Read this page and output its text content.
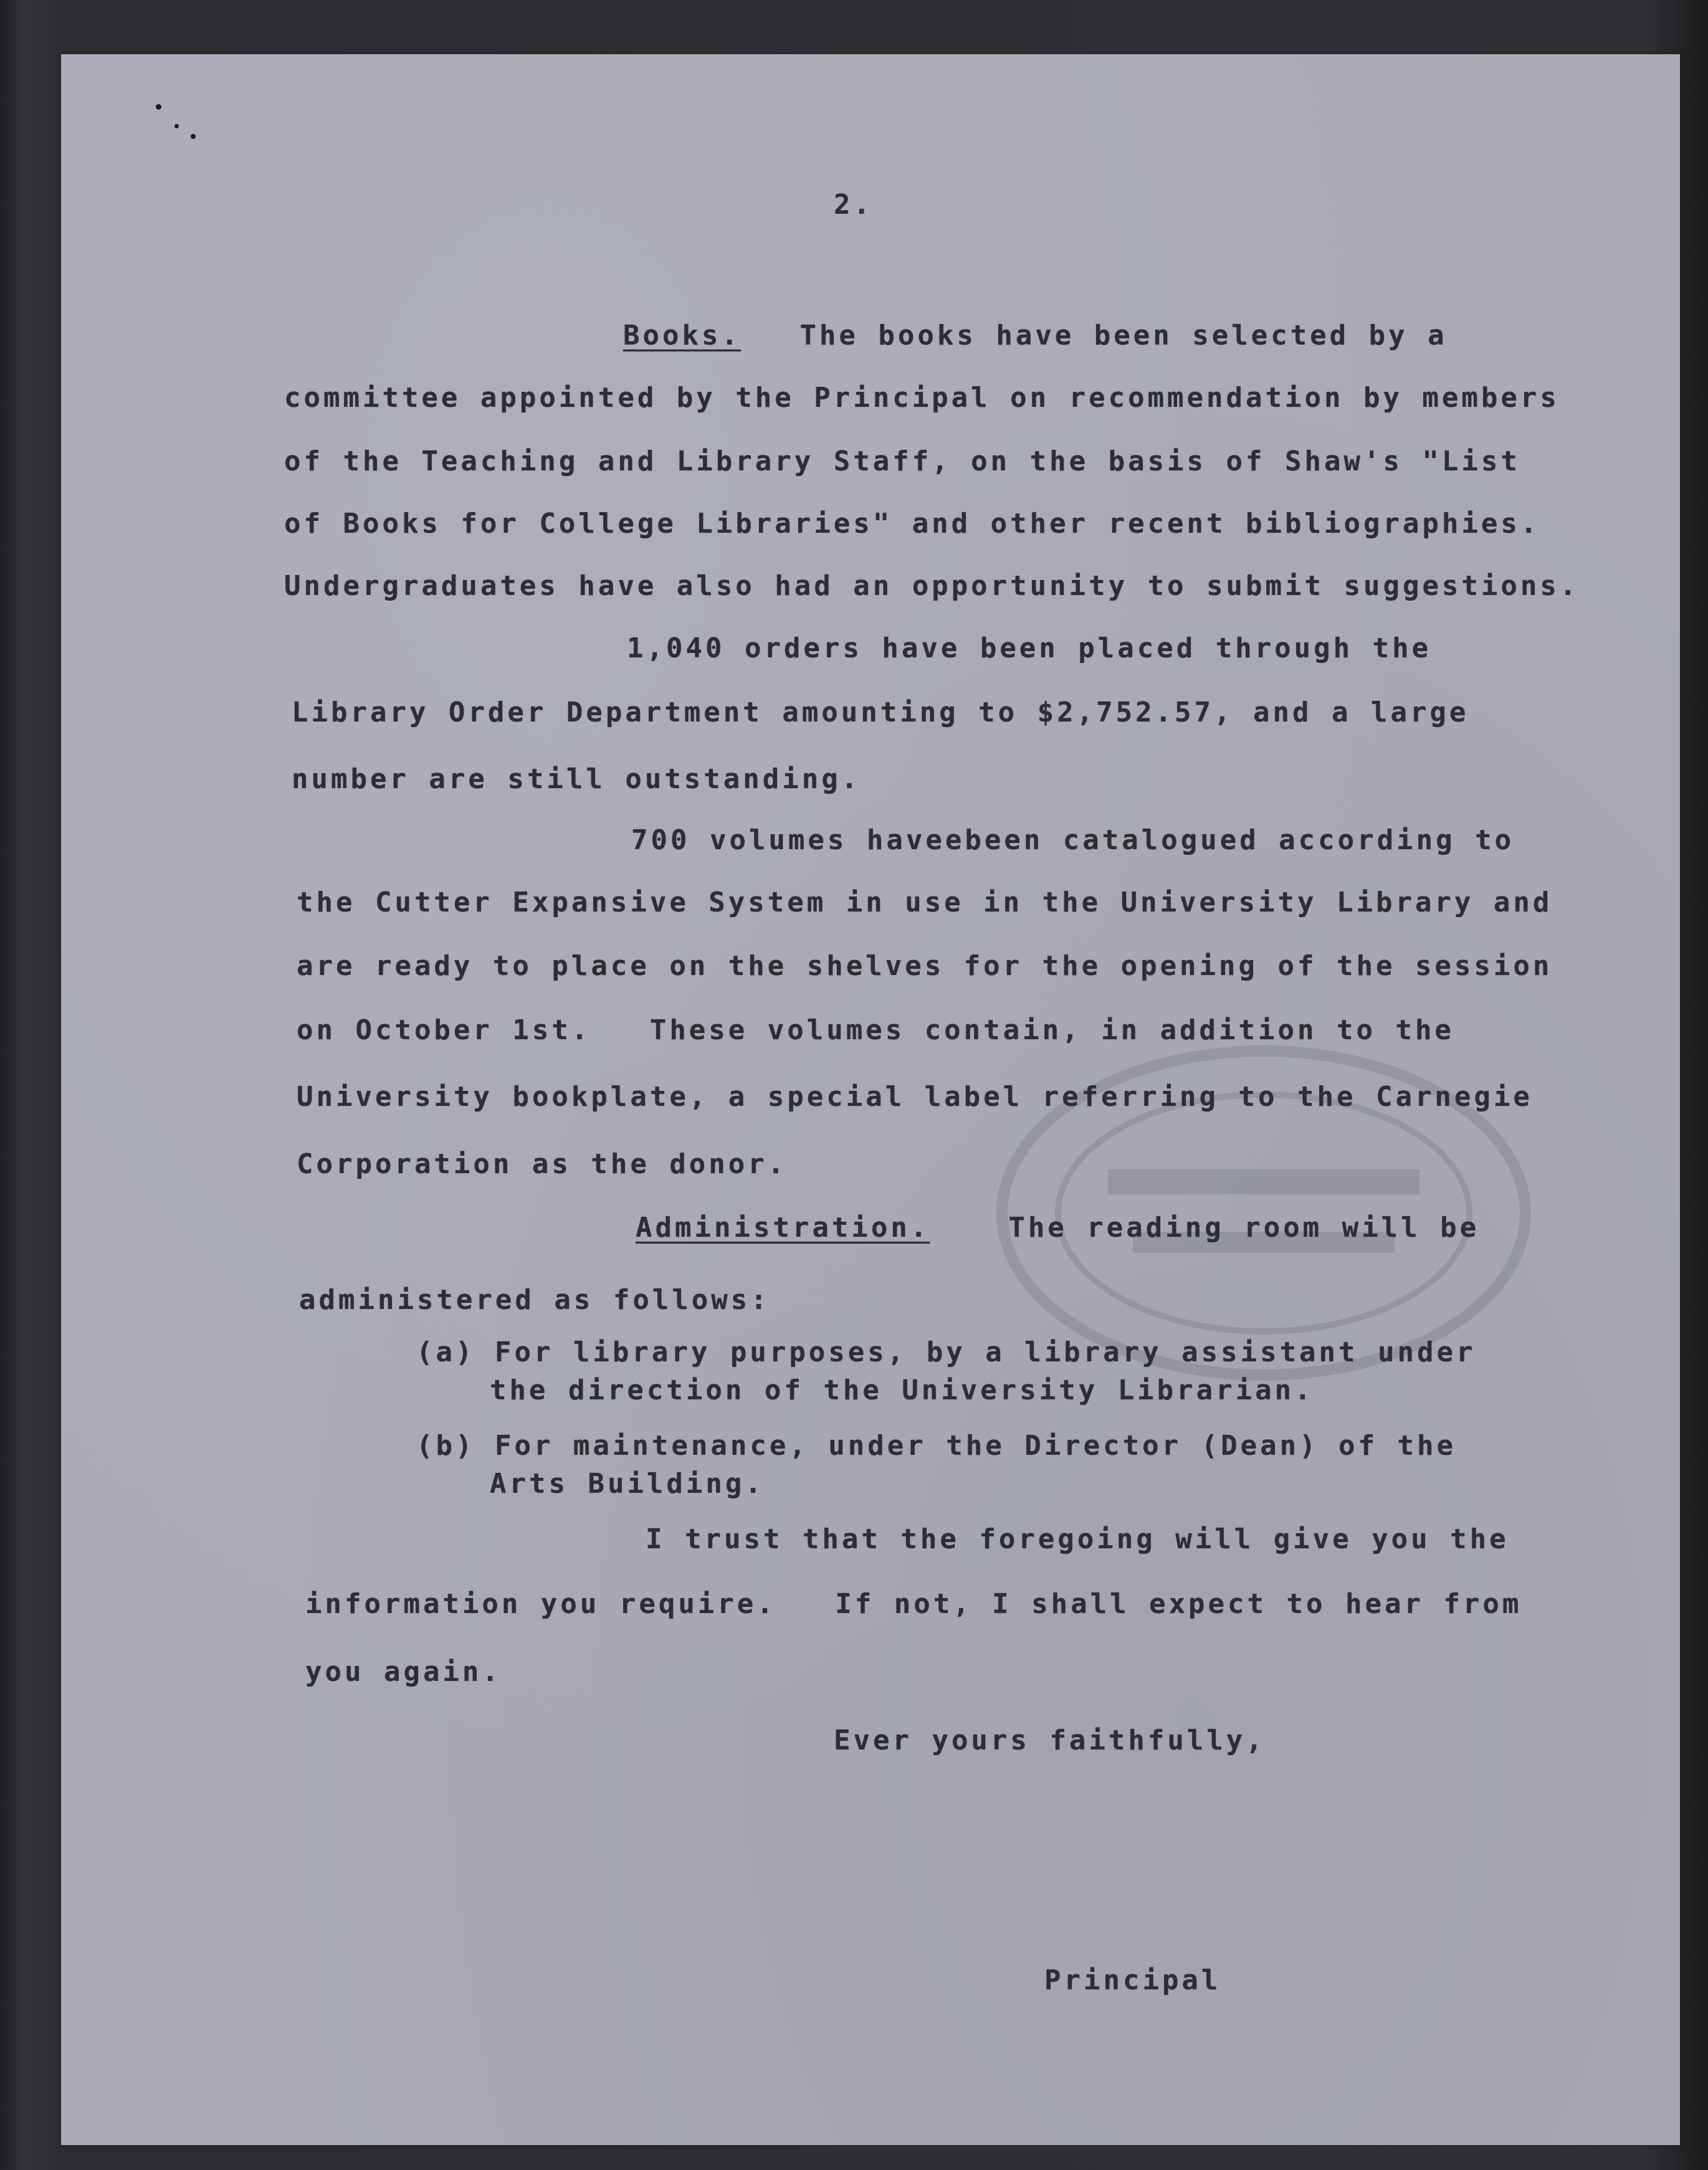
2.
Books. The books have been selected by a
committee appointed by the Principal on recommendation by members
of the Teaching and Library Staff, on the basis of Shaw's "List
of Books for College Libraries" and other recent bibliographies.
Undergraduates have also had an opportunity to submit suggestions.
1,040 orders have been placed through the
Library Order Department amounting to $2,752.57, and a large
number are still outstanding.
700 volumes haveebeen catalogued according to
the Cutter Expansive System in use in the University Library and
are ready to place on the shelves for the opening of the session
on October 1st.   These volumes contain, in addition to the
University bookplate, a special label referring to the Carnegie
Corporation as the donor.
Administration.	The reading room will be
administered as follows:
(a) For library purposes, by a library assistant under
the direction of the University Librarian.
(b) For maintenance, under the Director (Dean) of the
Arts Building.
I trust that the foregoing will give you the
information you require.   If not, I shall expect to hear from
you again.
Ever yours faithfully,
Principal
